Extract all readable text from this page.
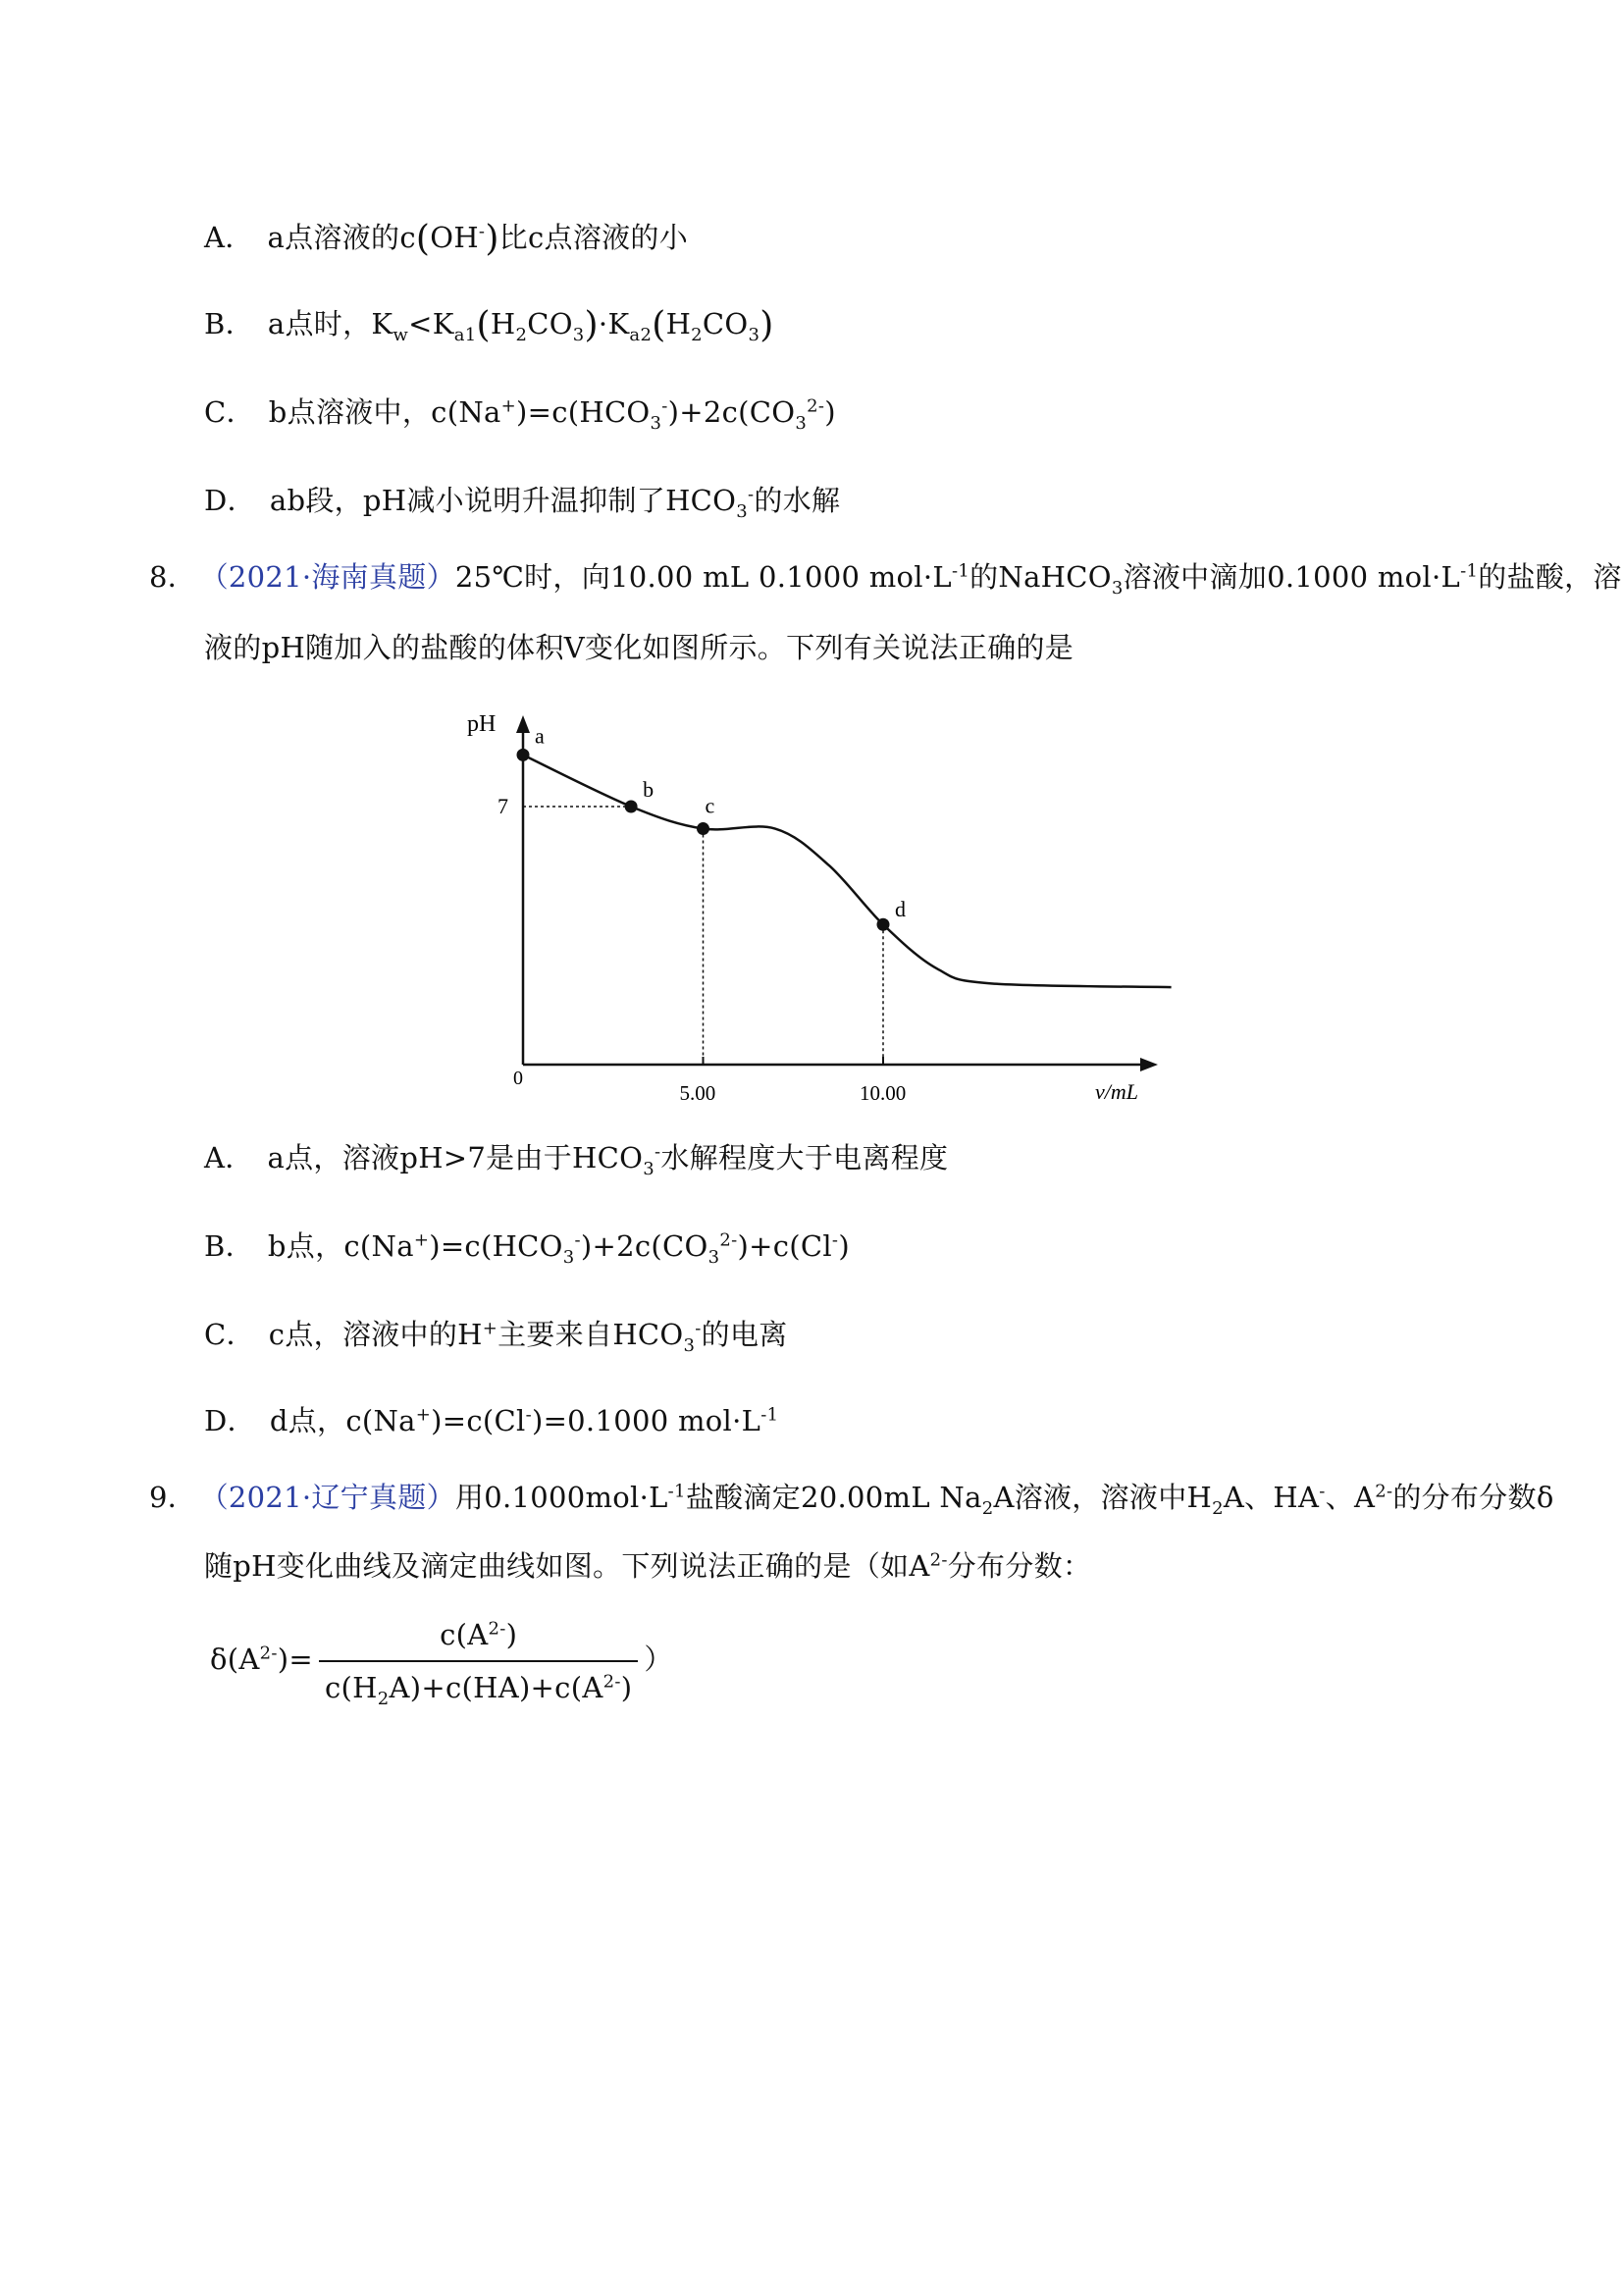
A． a点溶液的c(OH-)比c点溶液的小
B． a点时，$K_w<K_{a1}(H_2CO_3)\cdot K_{a2}(H_2CO_3)$
C． b点溶液中，$c(Na^+)=c(HCO_3^-)+2c(CO_3^{2-})$
D． ab段，pH减小说明升温抑制了$HCO_3^-$的水解
8． （2021·海南真题）25℃时，向10.00 mL 0.1000 $mol\cdot L^{-1}$的NaHCO$_3$溶液中滴加0.1000 $mol\cdot L^{-1}$的盐酸，溶
液的pH随加入的盐酸的体积V变化如图所示。下列有关说法正确的是
pH
v/mL
0
7
5.00	10.00
a
b
c
d
A． a点，溶液pH>7是由于$HCO_3^-$水解程度大于电离程度
B． b点，$c(Na^+)=c(HCO_3^-)+2c(CO_3^{2-})+c(Cl^-)$
C． c点，溶液中的H+主要来自$HCO_3^-$的电离
D． d点，c(Na+)=c(Cl-)=0.1000 $mol\cdot L^{-1}$
9． （2021·辽宁真题）用$0.1000mol\cdot L^{-1}$盐酸滴定20.00mL $Na_2A$溶液，溶液中$H_2A$、HA-、$A^{2-}$的分布分数δ
随pH变化曲线及滴定曲线如图。下列说法正确的是（如$A^{2-}$分布分数：
$\delta(A^{2-})= \frac{c(A^{2-})}{c(H_2A)+c(HA)+c(A^{2-})}$ ）
